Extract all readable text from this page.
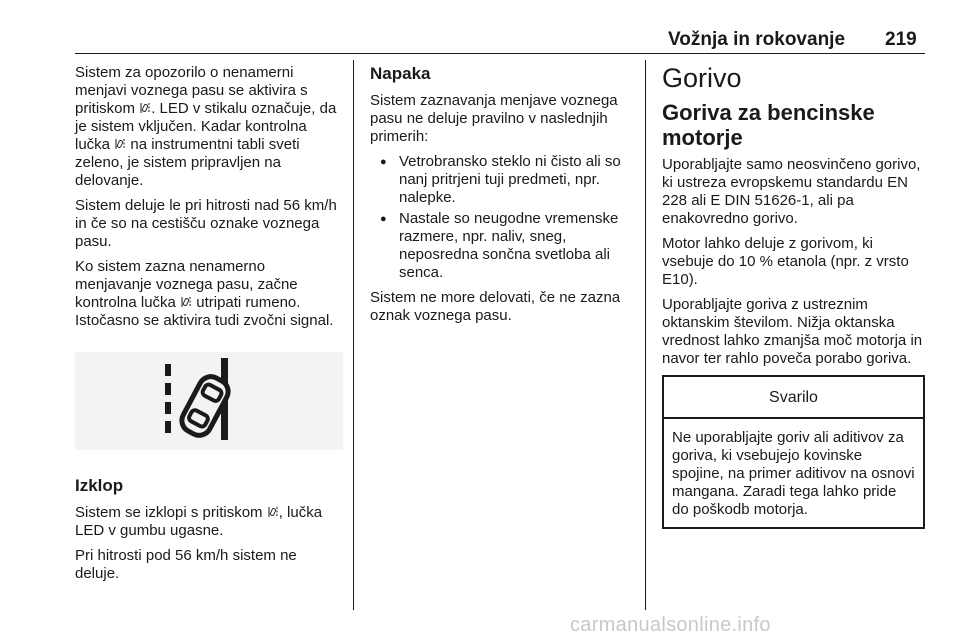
Vožnja in rokovanje 219

Sistem za opozorilo o nenamerni menjavi voznega pasu se aktivira s pritiskom . LED v stikalu označuje, da je sistem vključen. Kadar kontrolna lučka  na instrumentni tabli sveti zeleno, je sistem pripravljen na delovanje.

Sistem deluje le pri hitrosti nad 56 km/h in če so na cestišču oznake voznega pasu.

Ko sistem zazna nenamerno menjavanje voznega pasu, začne kontrolna lučka  utripati rumeno. Istočasno se aktivira tudi zvočni signal.

Izklop

Sistem se izklopi s pritiskom , lučka LED v gumbu ugasne.

Pri hitrosti pod 56 km/h sistem ne deluje.

Napaka

Sistem zaznavanja menjave voznega pasu ne deluje pravilno v naslednjih primerih:

● Vetrobransko steklo ni čisto ali so nanj pritrjeni tuji predmeti, npr. nalepke.
● Nastale so neugodne vremenske razmere, npr. naliv, sneg, neposredna sončna svetloba ali senca.

Sistem ne more delovati, če ne zazna oznak voznega pasu.

Gorivo
Goriva za bencinske motorje

Uporabljajte samo neosvinčeno gorivo, ki ustreza evropskemu standardu EN 228 ali E DIN 51626-1, ali pa enakovredno gorivo.

Motor lahko deluje z gorivom, ki vsebuje do 10 % etanola (npr. z vrsto E10).

Uporabljajte goriva z ustreznim oktanskim številom. Nižja oktanska vrednost lahko zmanjša moč motorja in navor ter rahlo poveča porabo goriva.

Svarilo
Ne uporabljajte goriv ali aditivov za goriva, ki vsebujejo kovinske spojine, na primer aditivov na osnovi mangana. Zaradi tega lahko pride do poškodb motorja.
carmanualsonline.info
